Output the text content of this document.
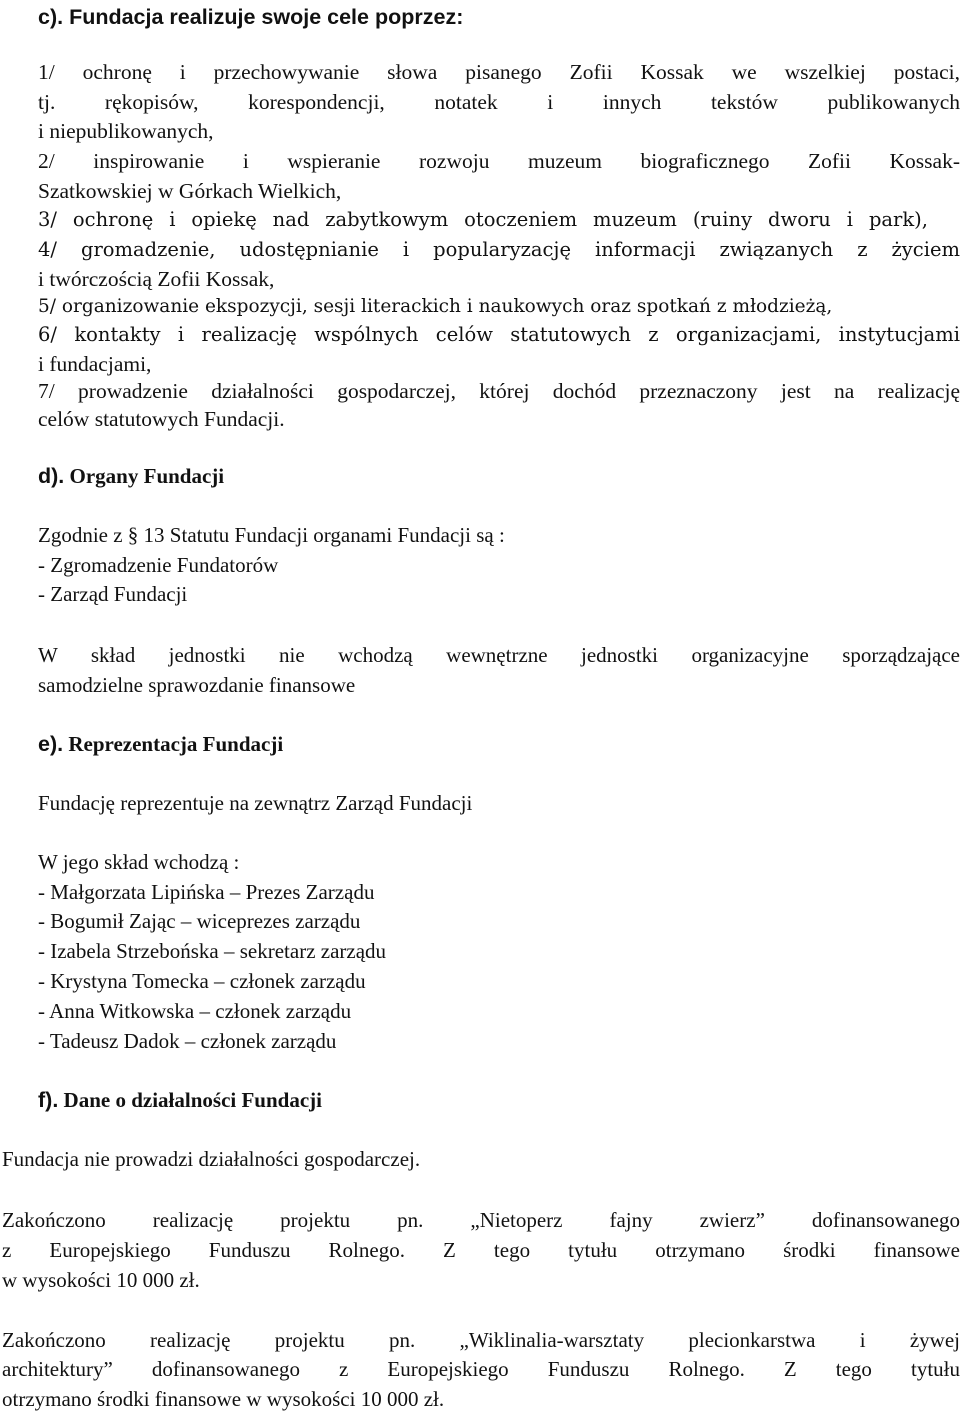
c). Fundacja realizuje swoje cele poprzez:
1/ ochronę i przechowywanie słowa pisanego Zofii Kossak we wszelkiej postaci,
tj. rękopisów, korespondencji, notatek i innych tekstów publikowanych
i niepublikowanych,
2/ inspirowanie i wspieranie rozwoju muzeum biograficznego Zofii Kossak-
Szatkowskiej w Górkach Wielkich,
3/ ochronę i opiekę nad zabytkowym otoczeniem muzeum (ruiny dworu i park),
4/ gromadzenie, udostępnianie i popularyzację informacji związanych z życiem
i twórczością Zofii Kossak,
5/ organizowanie ekspozycji, sesji literackich i naukowych oraz spotkań z młodzieżą,
6/ kontakty i realizację wspólnych celów statutowych z organizacjami, instytucjami
i fundacjami,
7/ prowadzenie działalności gospodarczej, której dochód przeznaczony jest na realizację
celów statutowych Fundacji.
d). Organy Fundacji
Zgodnie z § 13 Statutu Fundacji organami Fundacji są :
- Zgromadzenie Fundatorów
- Zarząd Fundacji
W skład jednostki nie wchodzą wewnętrzne jednostki organizacyjne sporządzające
samodzielne sprawozdanie finansowe
e). Reprezentacja Fundacji
Fundację reprezentuje na zewnątrz Zarząd Fundacji
W jego skład wchodzą :
- Małgorzata Lipińska – Prezes Zarządu
- Bogumił Zając – wiceprezes zarządu
- Izabela Strzebońska – sekretarz zarządu
- Krystyna Tomecka – członek zarządu
- Anna Witkowska – członek zarządu
- Tadeusz Dadok – członek zarządu
f). Dane o działalności Fundacji
Fundacja nie prowadzi działalności gospodarczej.
Zakończono realizację projektu pn. „Nietoperz fajny zwierz” dofinansowanego
z Europejskiego Funduszu Rolnego. Z tego tytułu otrzymano środki finansowe
w wysokości 10 000 zł.
Zakończono realizację projektu pn. „Wiklinalia-warsztaty plecionkarstwa i żywej
architektury” dofinansowanego z Europejskiego Funduszu Rolnego. Z tego tytułu
otrzymano środki finansowe w wysokości 10 000 zł.
